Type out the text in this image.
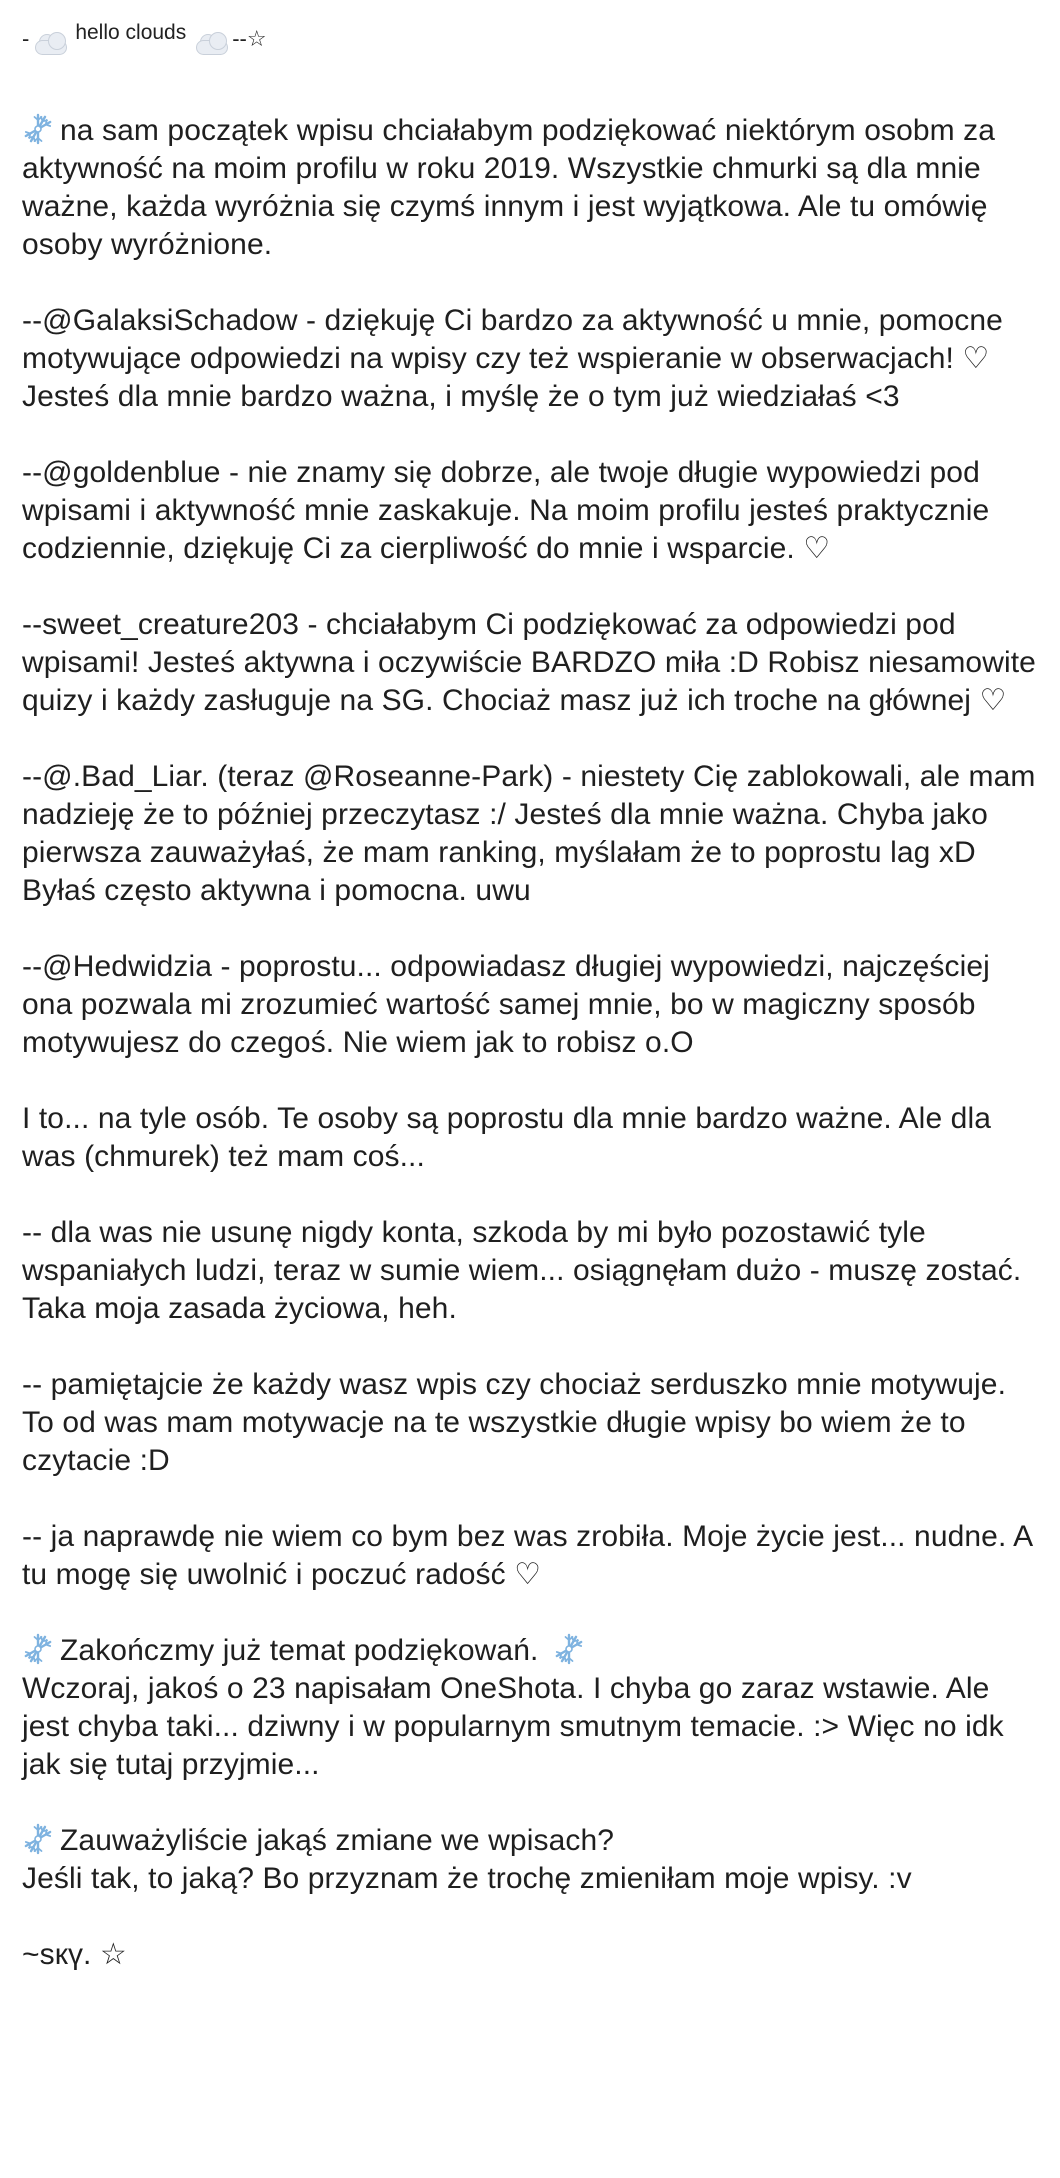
- hello clouds --☆

na sam początek wpisu chciałabym podziękować niektórym osobm za aktywność na moim profilu w roku 2019. Wszystkie chmurki są dla mnie ważne, każda wyróżnia się czymś innym i jest wyjątkowa. Ale tu omówię osoby wyróżnione.

--@GalaksiSchadow - dziękuję Ci bardzo za aktywność u mnie, pomocne motywujące odpowiedzi na wpisy czy też wspieranie w obserwacjach! ♡ Jesteś dla mnie bardzo ważna, i myślę że o tym już wiedziałaś <3

--@goldenblue - nie znamy się dobrze, ale twoje długie wypowiedzi pod wpisami i aktywność mnie zaskakuje. Na moim profilu jesteś praktycznie codziennie, dziękuję Ci za cierpliwość do mnie i wsparcie. ♡

--sweet_creature203 - chciałabym Ci podziękować za odpowiedzi pod wpisami! Jesteś aktywna i oczywiście BARDZO miła :D Robisz niesamowite quizy i każdy zasługuje na SG. Chociaż masz już ich troche na głównej ♡

--@.Bad_Liar. (teraz @Roseanne-Park) - niestety Cię zablokowali, ale mam nadzieję że to później przeczytasz :/ Jesteś dla mnie ważna. Chyba jako pierwsza zauważyłaś, że mam ranking, myślałam że to poprostu lag xD Byłaś często aktywna i pomocna. uwu

--@Hedwidzia - poprostu... odpowiadasz długiej wypowiedzi, najczęściej ona pozwala mi zrozumieć wartość samej mnie, bo w magiczny sposób motywujesz do czegoś. Nie wiem jak to robisz o.O

I to... na tyle osób. Te osoby są poprostu dla mnie bardzo ważne. Ale dla was (chmurek) też mam coś...

-- dla was nie usunę nigdy konta, szkoda by mi było pozostawić tyle wspaniałych ludzi, teraz w sumie wiem... osiągnęłam dużo - muszę zostać. Taka moja zasada życiowa, heh.

-- pamiętajcie że każdy wasz wpis czy chociaż serduszko mnie motywuje. To od was mam motywacje na te wszystkie długie wpisy bo wiem że to czytacie :D

-- ja naprawdę nie wiem co bym bez was zrobiła. Moje życie jest... nudne. A tu mogę się uwolnić i poczuć radość ♡

Zakończmy już temat podziękowań.
Wczoraj, jakoś o 23 napisałam OneShota. I chyba go zaraz wstawie. Ale jest chyba taki... dziwny i w popularnym smutnym temacie. :> Więc no idk jak się tutaj przyjmie...

Zauważyliście jakąś zmiane we wpisach?
Jeśli tak, to jaką? Bo przyznam że trochę zmieniłam moje wpisy. :v

~sкү. ☆
